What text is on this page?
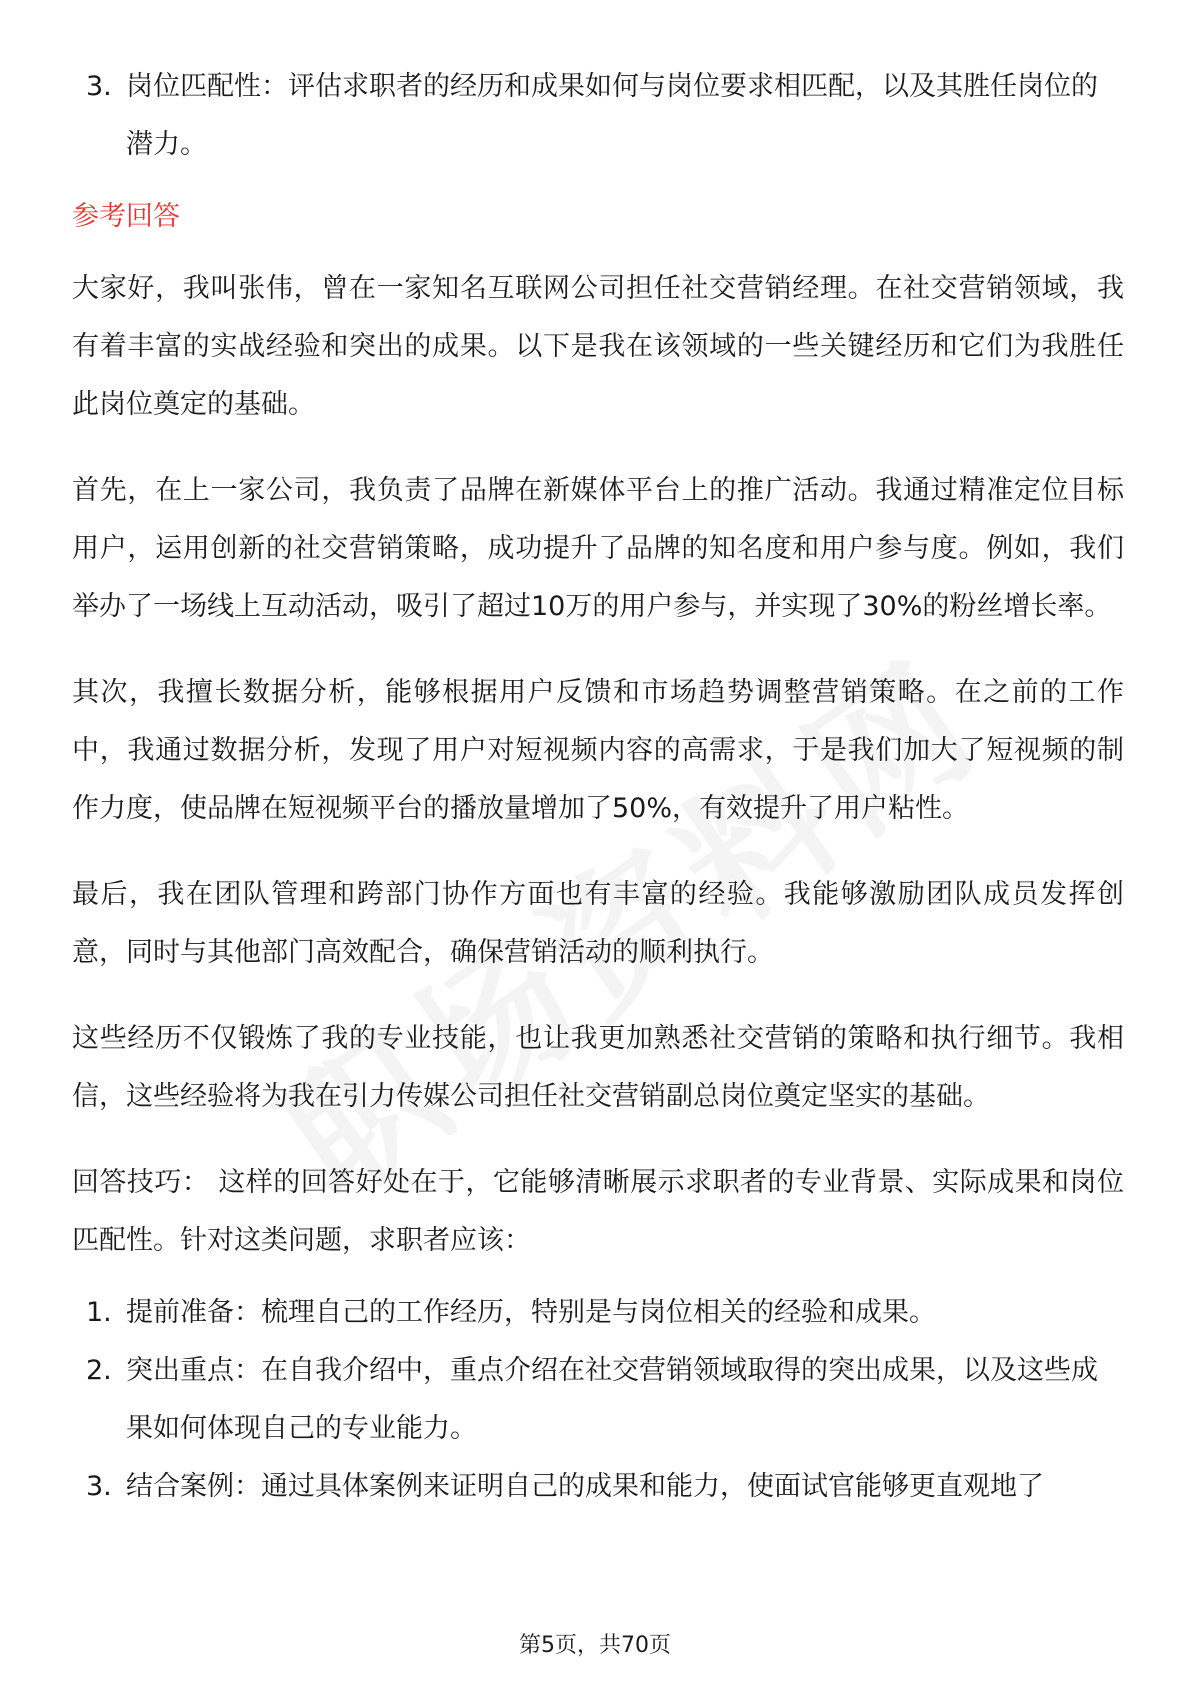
3. 岗位匹配性：评估求职者的经历和成果如何与岗位要求相匹配，以及其胜任岗位的潜力。
参考回答

大家好，我叫张伟，曾在一家知名互联网公司担任社交营销经理。在社交营销领域，我有着丰富的实战经验和突出的成果。以下是我在该领域的一些关键经历和它们为我胜任此岗位奠定的基础。

首先，在上一家公司，我负责了品牌在新媒体平台上的推广活动。我通过精准定位目标用户，运用创新的社交营销策略，成功提升了品牌的知名度和用户参与度。例如，我们举办了一场线上互动活动，吸引了超过10万的用户参与，并实现了30%的粉丝增长率。

其次，我擅长数据分析，能够根据用户反馈和市场趋势调整营销策略。在之前的工作中，我通过数据分析，发现了用户对短视频内容的高需求，于是我们加大了短视频的制作力度，使品牌在短视频平台的播放量增加了50%，有效提升了用户粘性。

最后，我在团队管理和跨部门协作方面也有丰富的经验。我能够激励团队成员发挥创意，同时与其他部门高效配合，确保营销活动的顺利执行。

这些经历不仅锻炼了我的专业技能，也让我更加熟悉社交营销的策略和执行细节。我相信，这些经验将为我在引力传媒公司担任社交营销副总岗位奠定坚实的基础。

回答技巧： 这样的回答好处在于，它能够清晰展示求职者的专业背景、实际成果和岗位匹配性。针对这类问题，求职者应该：

1. 提前准备：梳理自己的工作经历，特别是与岗位相关的经验和成果。
2. 突出重点：在自我介绍中，重点介绍在社交营销领域取得的突出成果，以及这些成果如何体现自己的专业能力。
3. 结合案例：通过具体案例来证明自己的成果和能力，使面试官能够更直观地了
第5页，共70页
